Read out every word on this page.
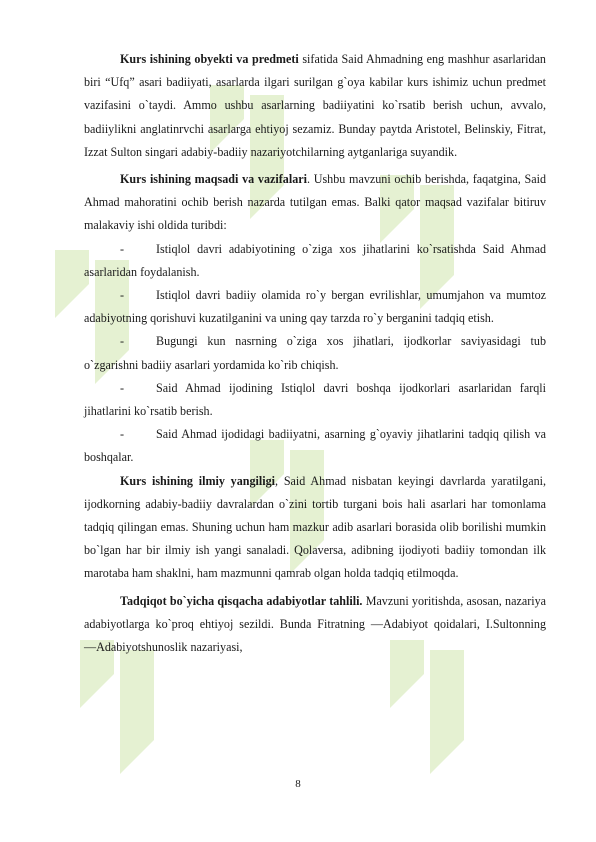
Kurs ishining obyekti va predmeti sifatida Said Ahmadning eng mashhur asarlaridan biri “Ufq” asari badiiyati, asarlarda ilgari surilgan g`oya kabilar kurs ishimiz uchun predmet vazifasini o`taydi. Ammo ushbu asarlarning badiiyatini ko`rsatib berish uchun, avvalo, badiiylikni anglatinrvchi asarlarga ehtiyoj sezamiz. Bunday paytda Aristotel, Belinskiy, Fitrat, Izzat Sulton singari adabiy-badiiy nazariyotchilarning aytganlariga suyandik.

Kurs ishining maqsadi va vazifalari. Ushbu mavzuni ochib berishda, faqatgina, Said Ahmad mahoratini ochib berish nazarda tutilgan emas. Balki qator maqsad vazifalar bitiruv malakaviy ishi oldida turibdi:

-	Istiqlol davri adabiyotining o`ziga xos jihatlarini ko`rsatishda Said Ahmad asarlaridan foydalanish.

-	Istiqlol davri badiiy olamida ro`y bergan evrilishlar, umumjahon va mumtoz adabiyotning qorishuvi kuzatilganini va uning qay tarzda ro`y berganini tadqiq etish.

-	Bugungi kun nasrning o`ziga xos jihatlari, ijodkorlar saviyasidagi tub o`zgarishni badiiy asarlari yordamida ko`rib chiqish.

-	Said Ahmad ijodining Istiqlol davri boshqa ijodkorlari asarlaridan farqli jihatlarini ko`rsatib berish.

-	Said Ahmad ijodidagi badiiyatni, asarning g`oyaviy jihatlarini tadqiq qilish va boshqalar.

Kurs ishining ilmiy yangiligi, Said Ahmad nisbatan keyingi davrlarda yaratilgani, ijodkorning adabiy-badiiy davralardan o`zini tortib turgani bois hali asarlari har tomonlama tadqiq qilingan emas. Shuning uchun ham mazkur adib asarlari borasida olib borilishi mumkin bo`lgan har bir ilmiy ish yangi sanaladi. Qolaversa, adibning ijodiyoti badiiy tomondan ilk marotaba ham shaklni, ham mazmunni qamrab olgan holda tadqiq etilmoqda.

Tadqiqot bo`yicha qisqacha adabiyotlar tahlili. Mavzuni yoritishda, asosan, nazariya adabiyotlarga ko`proq ehtiyoj sezildi. Bunda Fitratning ―Adabiyot qoidalari, I.Sultonning ―Adabiyotshunoslik nazariyasi,

8
